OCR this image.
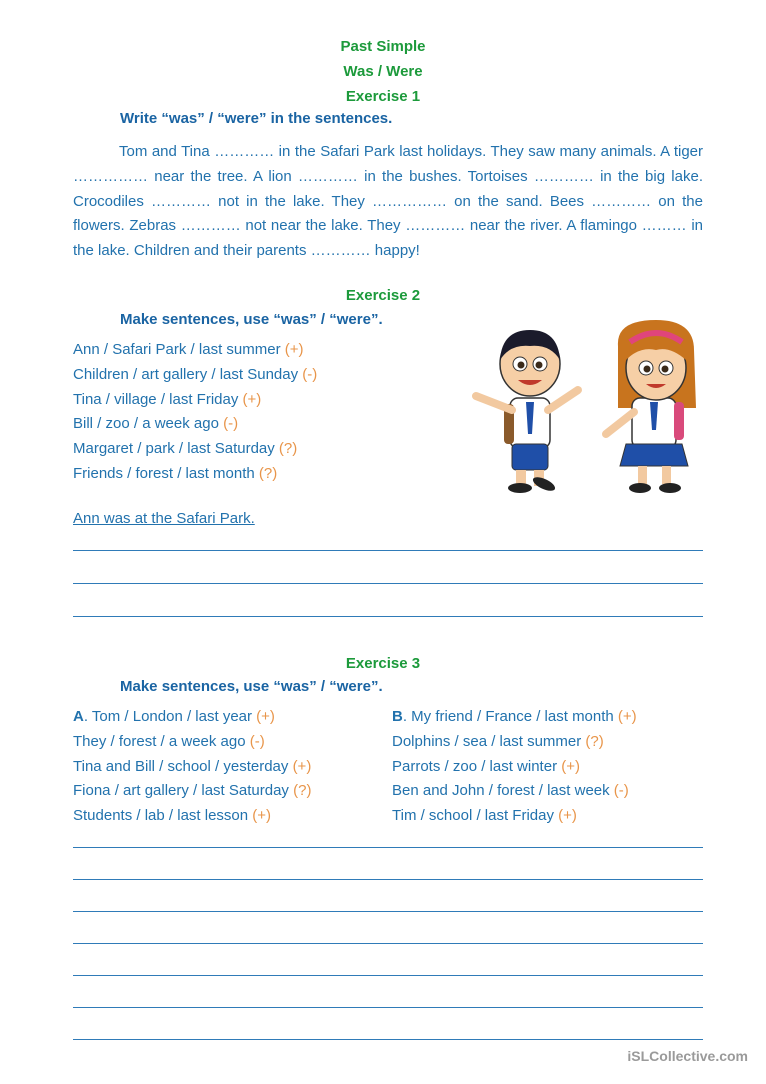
Past Simple
Was / Were
Exercise 1
Write “was” / “were” in the sentences.
Tom and Tina ………… in the Safari Park last holidays. They saw many animals. A tiger …………… near the tree. A lion ………… in the bushes. Tortoises ………… in the big lake. Crocodiles ………… not in the lake. They …………… on the sand. Bees ………… on the flowers. Zebras ………… not near the lake. They ………… near the river. A flamingo ……… in the lake. Children and their parents ………… happy!
Exercise 2
Make sentences, use “was” / “were”.
Ann / Safari Park / last summer (+)
Children / art gallery / last Sunday (-)
Tina / village / last Friday (+)
Bill / zoo / a week ago (-)
Margaret / park / last Saturday (?)
Friends / forest / last month (?)
Ann was at the Safari Park.
Exercise 3
Make sentences, use “was” / “were”.
A. Tom / London / last year (+)
They / forest / a week ago (-)
Tina and Bill / school / yesterday (+)
Fiona / art gallery / last Saturday (?)
Students / lab / last lesson (+)
B. My friend / France / last month (+)
Dolphins / sea / last summer (?)
Parrots / zoo / last winter (+)
Ben and John / forest / last week (-)
Tim / school / last Friday (+)
iSLCollective.com
